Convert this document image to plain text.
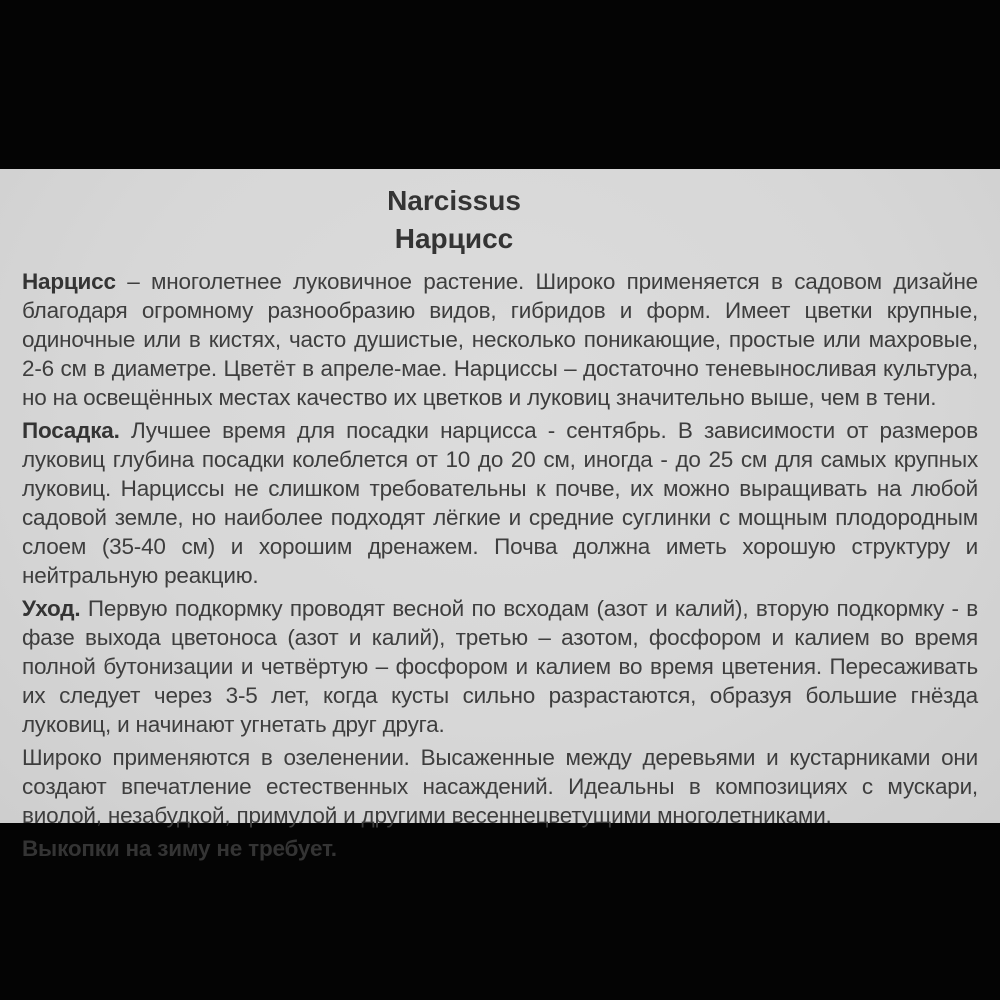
Narcissus
Нарцисс

Нарцисс – многолетнее луковичное растение. Широко применяется в садовом дизайне благодаря огромному разнообразию видов, гибридов и форм. Имеет цветки крупные, одиночные или в кистях, часто душистые, несколько поникающие, простые или махровые, 2-6 см в диаметре. Цветёт в апреле-мае. Нарциссы – достаточно теневыносливая культура, но на освещённых местах качество их цветков и луковиц значительно выше, чем в тени.

Посадка. Лучшее время для посадки нарцисса - сентябрь. В зависимости от размеров луковиц глубина посадки колеблется от 10 до 20 см, иногда - до 25 см для самых крупных луковиц. Нарциссы не слишком требовательны к почве, их можно выращивать на любой садовой земле, но наиболее подходят лёгкие и средние суглинки с мощным плодородным слоем (35-40 см) и хорошим дренажем. Почва должна иметь хорошую структуру и нейтральную реакцию.

Уход. Первую подкормку проводят весной по всходам (азот и калий), вторую подкормку - в фазе выхода цветоноса (азот и калий), третью – азотом, фосфором и калием во время полной бутонизации и четвёртую – фосфором и калием во время цветения. Пересаживать их следует через 3-5 лет, когда кусты сильно разрастаются, образуя большие гнёзда луковиц, и начинают угнетать друг друга.

Широко применяются в озеленении. Высаженные между деревьями и кустарниками они создают впечатление естественных насаждений. Идеальны в композициях с мускари, виолой, незабудкой, примулой и другими весеннецветущими многолетниками.

Выкопки на зиму не требует.
